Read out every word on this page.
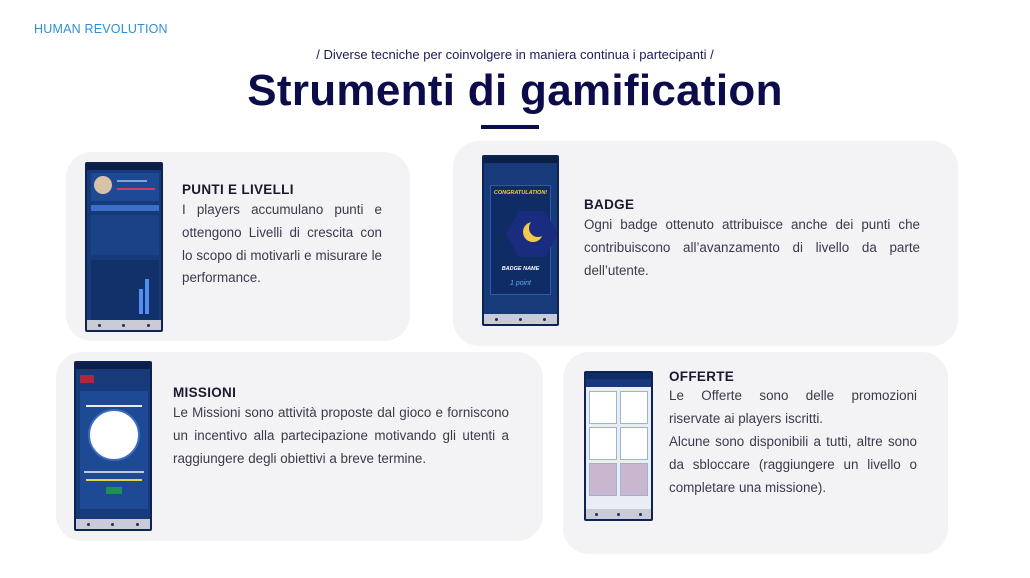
HUMAN REVOLUTION
/ Diverse tecniche per coinvolgere in maniera continua i partecipanti /
Strumenti di gamification
PUNTI E LIVELLI
I players accumulano punti e ottengono Livelli di crescita con lo scopo di motivarli e misurare le performance.
CONGRATULATION!
BADGE NAME
1 point
BADGE
Ogni badge ottenuto attribuisce anche dei punti che contribuiscono all’avanzamento di livello da parte dell’utente.
MISSIONI
Le Missioni sono attività proposte dal gioco e forniscono un incentivo alla partecipazione motivando gli utenti a raggiungere degli obiettivi a breve termine.
OFFERTE
Le Offerte sono delle promozioni riservate ai players iscritti.
Alcune sono disponibili a tutti, altre sono da sbloccare (raggiungere un livello o completare una missione).
